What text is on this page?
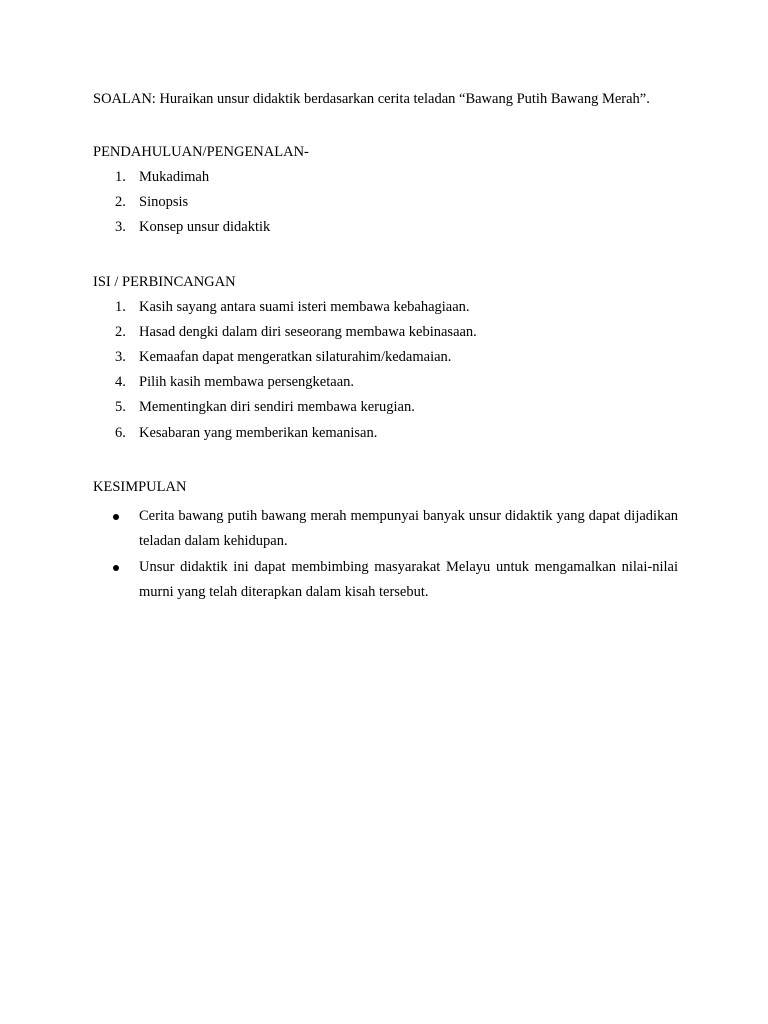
SOALAN: Huraikan unsur didaktik berdasarkan cerita teladan “Bawang Putih Bawang Merah”.

PENDAHULUAN/PENGENALAN-

1. Mukadimah
2. Sinopsis
3. Konsep unsur didaktik

ISI / PERBINCANGAN

1. Kasih sayang antara suami isteri membawa kebahagiaan.
2. Hasad dengki dalam diri seseorang membawa kebinasaan.
3. Kemaafan dapat mengeratkan silaturahim/kedamaian.
4. Pilih kasih membawa persengketaan.
5. Mementingkan diri sendiri membawa kerugian.
6. Kesabaran yang memberikan kemanisan.

KESIMPULAN

Cerita bawang putih bawang merah mempunyai banyak unsur didaktik yang dapat dijadikan teladan dalam kehidupan.
Unsur didaktik ini dapat membimbing masyarakat Melayu untuk mengamalkan nilai-nilai murni yang telah diterapkan dalam kisah tersebut.
